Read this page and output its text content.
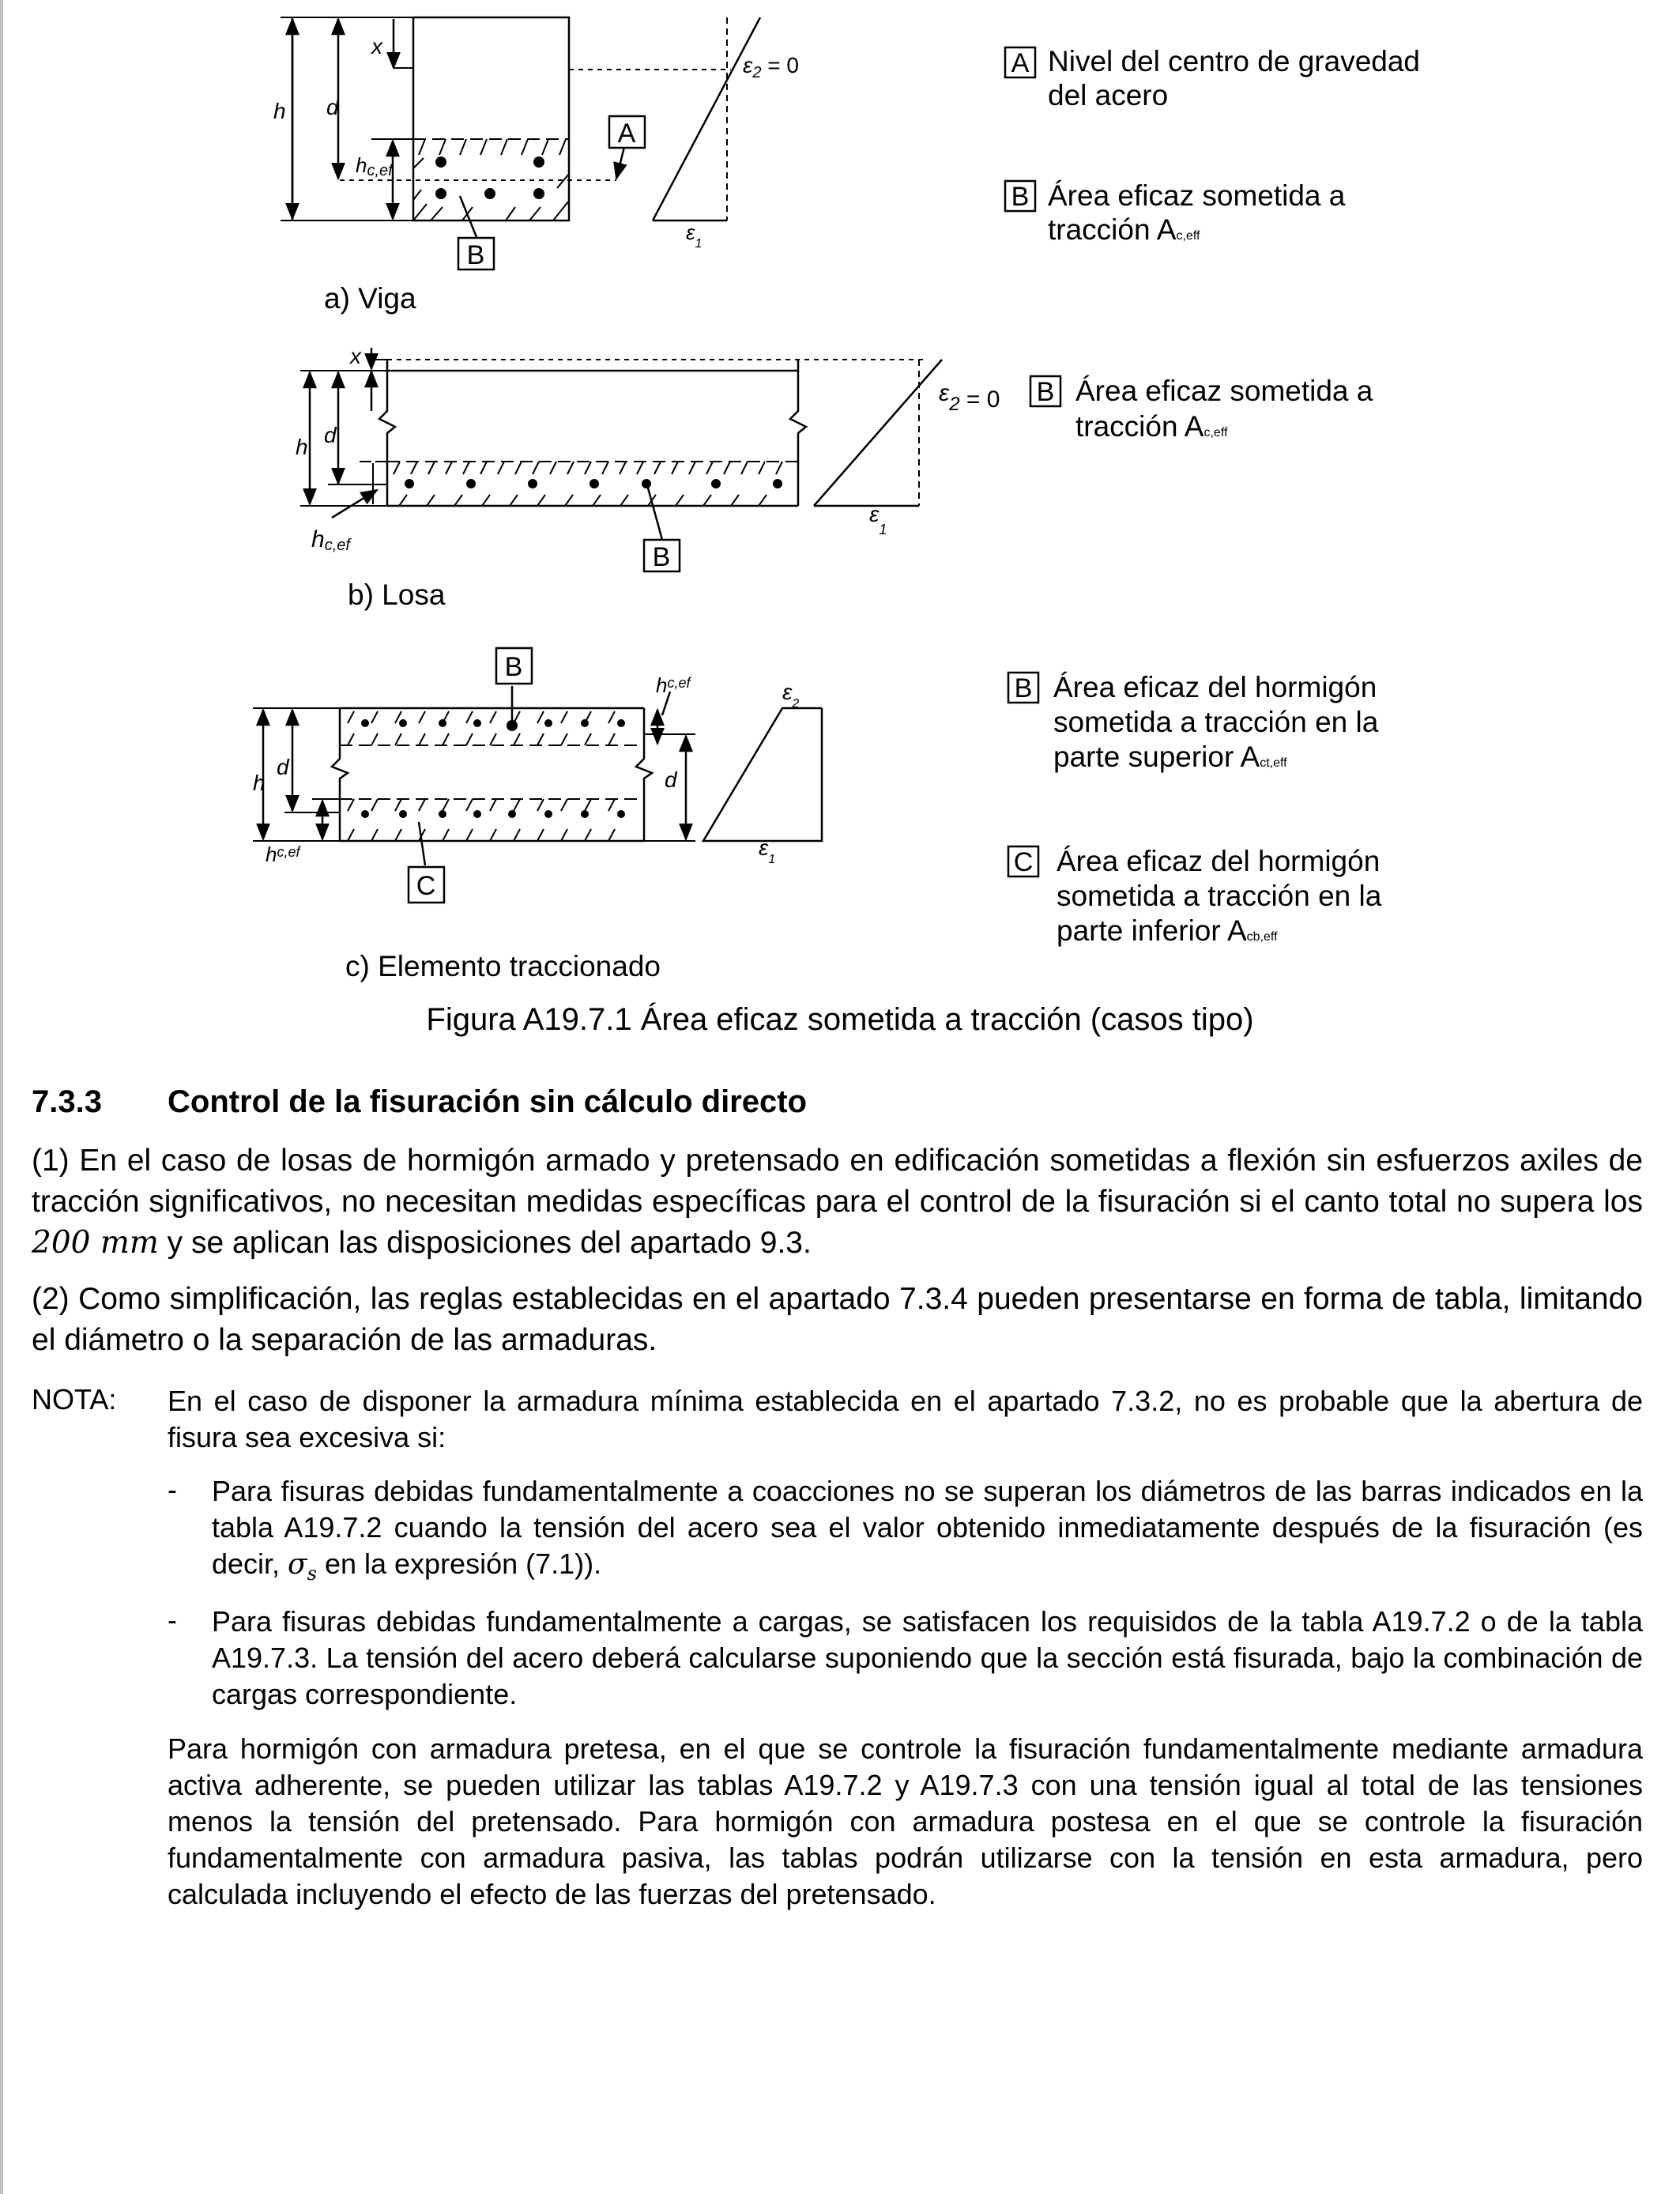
A
B
h d
x
hc,ef
$\varepsilon_2 = 0$
$\varepsilon_1$
a) Viga
B
h d
x
hc,ef
$\varepsilon_2 = 0$
$\varepsilon_1$
b) Losa
B
C
h
d
d
$h^{c,ef}$
$h^{c,ef}$
$\varepsilon_2$
$\varepsilon_1$
c) Elemento traccionado
A Nivel del centro de gravedad
del acero
B Área eficaz sometida a
tracción Ac,eff
B Área eficaz sometida a
tracción Ac,eff
B Área eficaz del hormigón
sometida a tracción en la
parte superior Act,eff
C Área eficaz del hormigón
sometida a tracción en la
parte inferior Acb,eff
Figura A19.7.1 Área eficaz sometida a tracción (casos tipo)
7.3.3 Control de la fisuración sin cálculo directo
(1) En el caso de losas de hormigón armado y pretensado en edificación sometidas a flexión sin esfuerzos axiles de tracción significativos, no necesitan medidas específicas para el control de la fisuración si el canto total no supera los 200 mm y se aplican las disposiciones del apartado 9.3.
(2) Como simplificación, las reglas establecidas en el apartado 7.3.4 pueden presentarse en forma de tabla, limitando el diámetro o la separación de las armaduras.
NOTA: En el caso de disponer la armadura mínima establecida en el apartado 7.3.2, no es probable que la abertura de fisura sea excesiva si:
- Para fisuras debidas fundamentalmente a coacciones no se superan los diámetros de las barras indicados en la tabla A19.7.2 cuando la tensión del acero sea el valor obtenido inmediatamente después de la fisuración (es decir, $\sigma_s$ en la expresión (7.1)).
- Para fisuras debidas fundamentalmente a cargas, se satisfacen los requisidos de la tabla A19.7.2 o de la tabla A19.7.3. La tensión del acero deberá calcularse suponiendo que la sección está fisurada, bajo la combinación de cargas correspondiente.
Para hormigón con armadura pretesa, en el que se controle la fisuración fundamentalmente mediante armadura activa adherente, se pueden utilizar las tablas A19.7.2 y A19.7.3 con una tensión igual al total de las tensiones menos la tensión del pretensado. Para hormigón con armadura postesa en el que se controle la fisuración fundamentalmente con armadura pasiva, las tablas podrán utilizarse con la tensión en esta armadura, pero calculada incluyendo el efecto de las fuerzas del pretensado.
